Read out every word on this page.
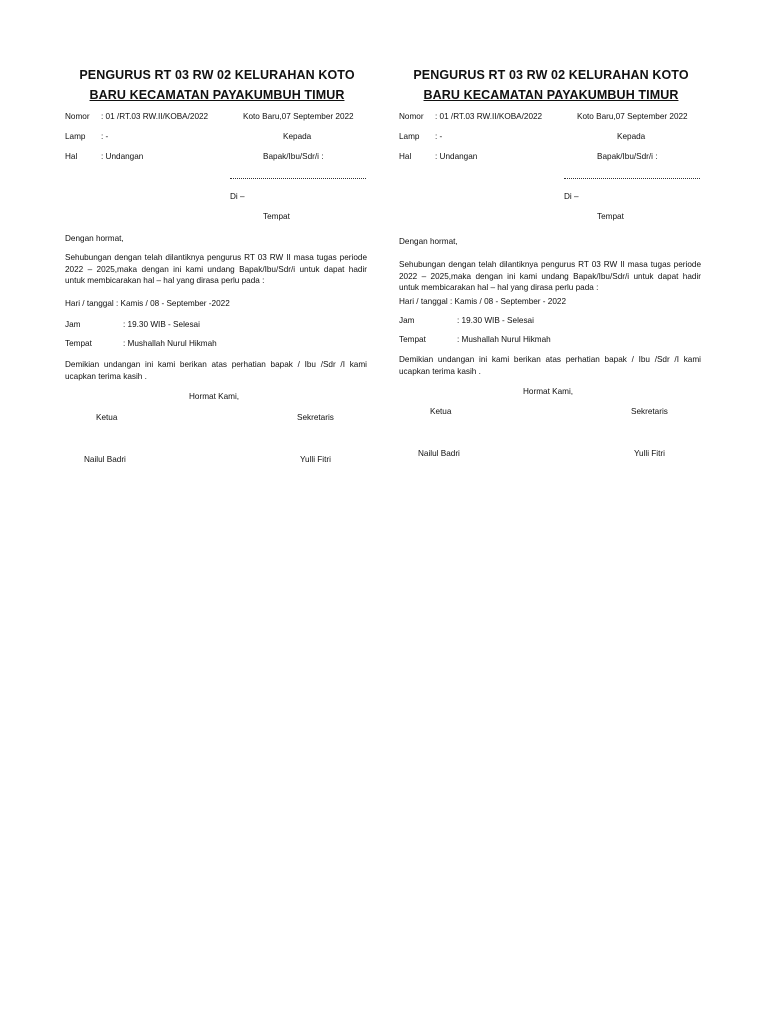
PENGURUS RT 03 RW 02 KELURAHAN KOTO
BARU KECAMATAN PAYAKUMBUH TIMUR
Nomor : 01 /RT.03 RW.II/KOBA/2022	Koto Baru,07 September 2022
Lamp : -	Kepada
Hal	: Undangan	Bapak/Ibu/Sdr/i :
Di –
Tempat
Dengan hormat,
Sehubungan dengan telah dilantiknya pengurus RT 03 RW II masa tugas periode 2022 – 2025,maka dengan ini kami undang Bapak/Ibu/Sdr/i untuk dapat hadir untuk membicarakan hal – hal yang dirasa perlu pada :
Hari / tanggal : Kamis / 08 - September -2022
Jam	: 19.30 WIB - Selesai
Tempat	: Mushallah Nurul Hikmah
Demikian undangan ini kami berikan atas perhatian bapak / Ibu /Sdr /I kami ucapkan terima kasih .
Hormat Kami,
Ketua	Sekretaris
Nailul Badri	Yulli Fitri
PENGURUS RT 03 RW 02 KELURAHAN KOTO
BARU KECAMATAN PAYAKUMBUH TIMUR
Nomor : 01 /RT.03 RW.II/KOBA/2022	Koto Baru,07 September 2022
Lamp : -	Kepada
Hal	: Undangan	Bapak/Ibu/Sdr/i :
Di –
Tempat
Dengan hormat,
Sehubungan dengan telah dilantiknya pengurus RT 03 RW II masa tugas periode 2022 – 2025,maka dengan ini kami undang Bapak/Ibu/Sdr/i untuk dapat hadir untuk membicarakan hal – hal yang dirasa perlu pada :
Hari / tanggal : Kamis / 08 - September - 2022
Jam	: 19.30 WIB - Selesai
Tempat	: Mushallah Nurul Hikmah
Demikian undangan ini kami berikan atas perhatian bapak / Ibu /Sdr /I kami ucapkan terima kasih .
Hormat Kami,
Ketua	Sekretaris
Nailul Badri	Yulli Fitri
